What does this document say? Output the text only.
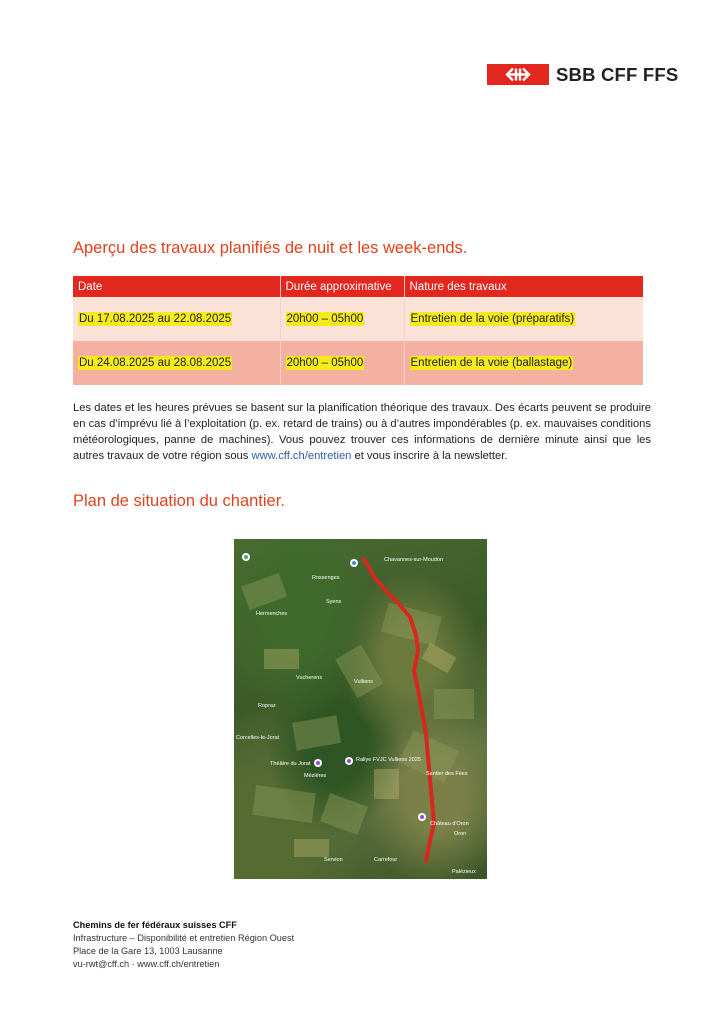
SBB CFF FFS
Aperçu des travaux planifiés de nuit et les week-ends.
Date	Durée approximative	Nature des travaux
Du 17.08.2025 au 22.08.2025	20h00 – 05h00	Entretien de la voie (préparatifs)
Du 24.08.2025 au 28.08.2025	20h00 – 05h00	Entretien de la voie (ballastage)

Les dates et les heures prévues se basent sur la planification théorique des travaux. Des écarts peuvent se produire en cas d’imprévu lié à l’exploitation (p. ex. retard de trains) ou à d’autres impondérables (p. ex. mauvaises conditions météorologiques, panne de machines). Vous pouvez trouver ces informations de dernière minute ainsi que les autres travaux de votre région sous www.cff.ch/entretien et vous inscrire à la newsletter.

Plan de situation du chantier.
Chavannes-sur-Moudon
Rossenges
Syens
Hermenches
Vucherens
Vulliens
Ropraz
Corcelles-le-Jorat
Théâtre du Jorat
Rallye FVJC Vulliens 2025
Mézières
Servion
Sentier des Fées
Château d'Oron
Oron
Carrefour
Palézieux
Chemins de fer fédéraux suisses CFF
Infrastructure – Disponibilité et entretien Région Ouest
Place de la Gare 13, 1003 Lausanne
vu-rwt@cff.ch · www.cff.ch/entretien
